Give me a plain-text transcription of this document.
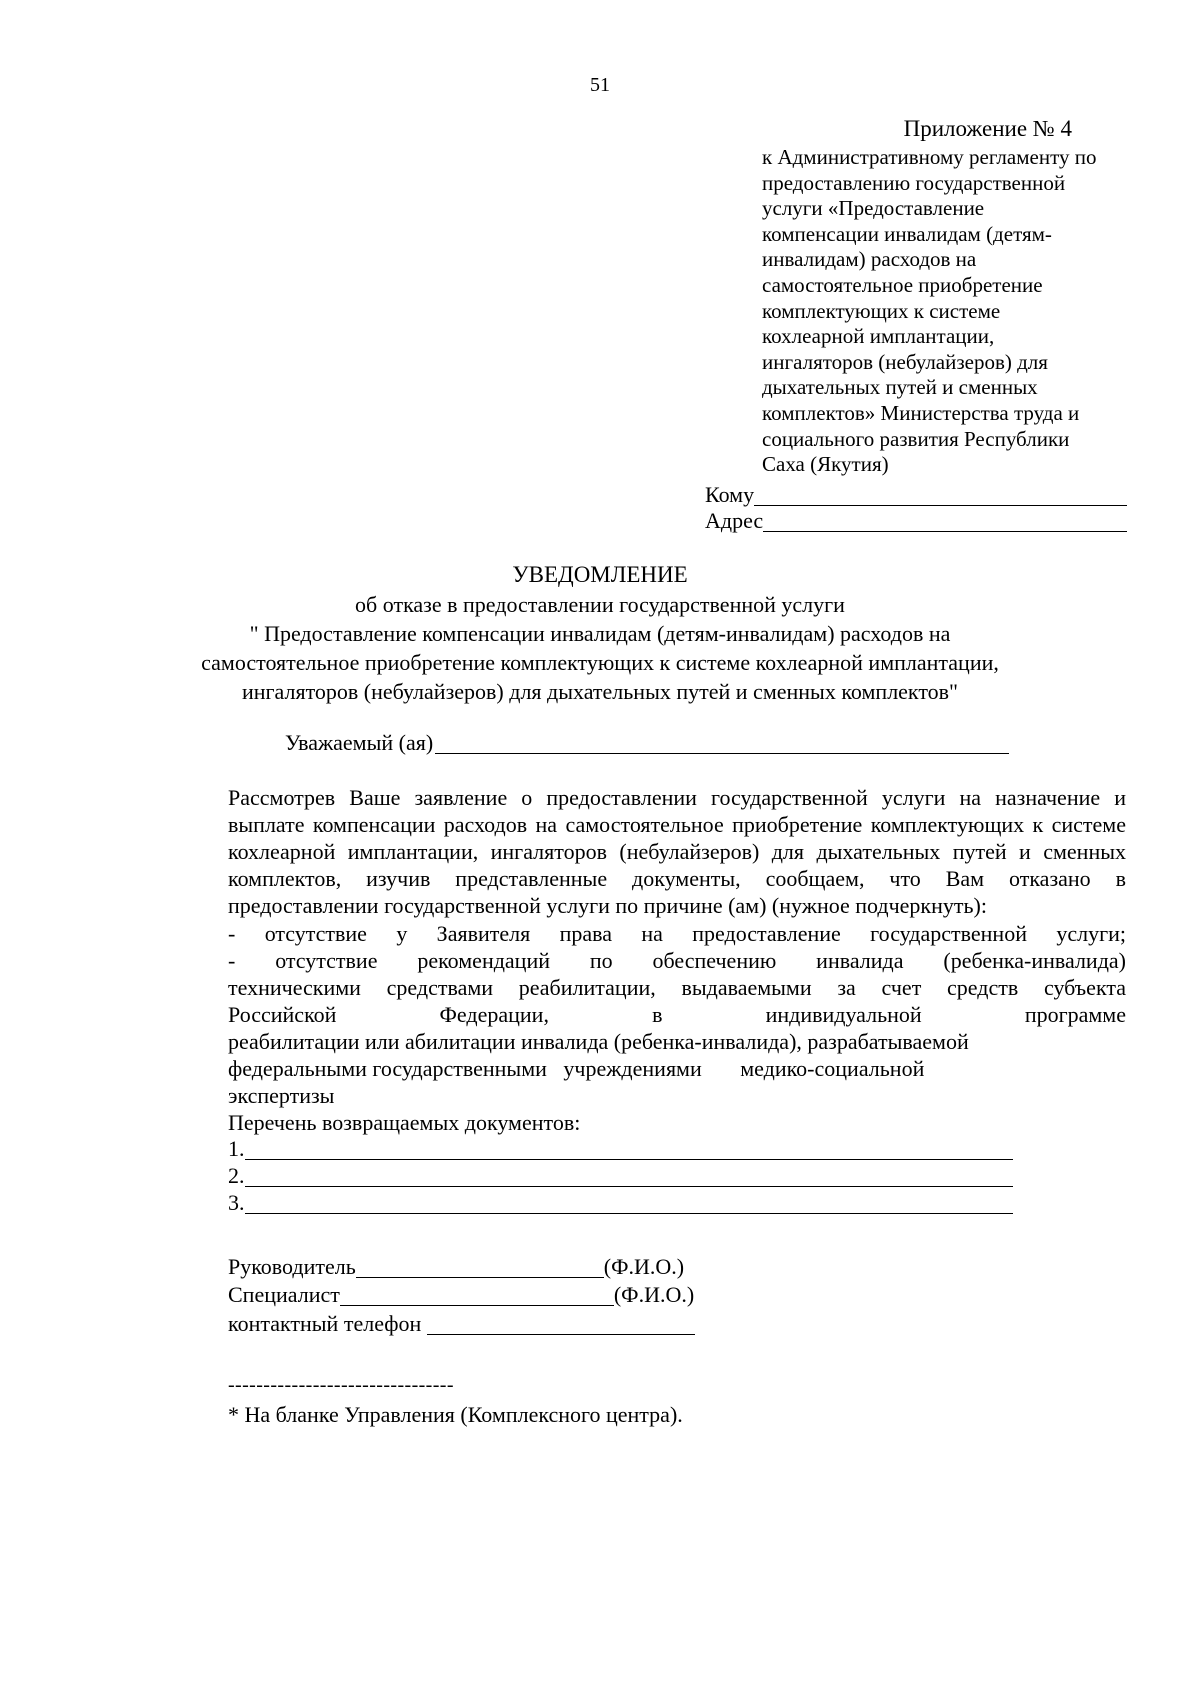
51
Приложение № 4
к Административному регламенту по
предоставлению государственной
услуги «Предоставление
компенсации инвалидам (детям-
инвалидам) расходов на
самостоятельное приобретение
комплектующих к системе
кохлеарной имплантации,
ингаляторов (небулайзеров) для
дыхательных путей и сменных
комплектов» Министерства труда и
социального развития Республики
Саха (Якутия)
Кому
Адрес
УВЕДОМЛЕНИЕ
об отказе в предоставлении государственной услуги
" Предоставление компенсации инвалидам (детям-инвалидам) расходов на
самостоятельное приобретение комплектующих к системе кохлеарной имплантации,
ингаляторов (небулайзеров) для дыхательных путей и сменных комплектов"
Уважаемый (ая)
Рассмотрев Ваше заявление о предоставлении государственной услуги на назначение и выплате компенсации расходов на самостоятельное приобретение комплектующих к системе кохлеарной имплантации, ингаляторов (небулайзеров) для дыхательных путей и сменных комплектов, изучив представленные документы, сообщаем, что Вам отказано в предоставлении государственной услуги по причине (ам) (нужное подчеркнуть):
- отсутствие у Заявителя права на предоставление государственной услуги;
-    отсутствие    рекомендаций    по    обеспечению    инвалида    (ребенка-инвалида)
техническими средствами реабилитации, выдаваемыми за счет средств субъекта
Российской Федерации, в индивидуальной программе
реабилитации или абилитации инвалида (ребенка-инвалида), разрабатываемой
федеральными государственными   учреждениями       медико-социальной
экспертизы
Перечень возвращаемых документов:
1.
2.
3.
Руководитель	(Ф.И.О.)
Специалист	(Ф.И.О.)
контактный телефон
--------------------------------
* На бланке Управления (Комплексного центра).
